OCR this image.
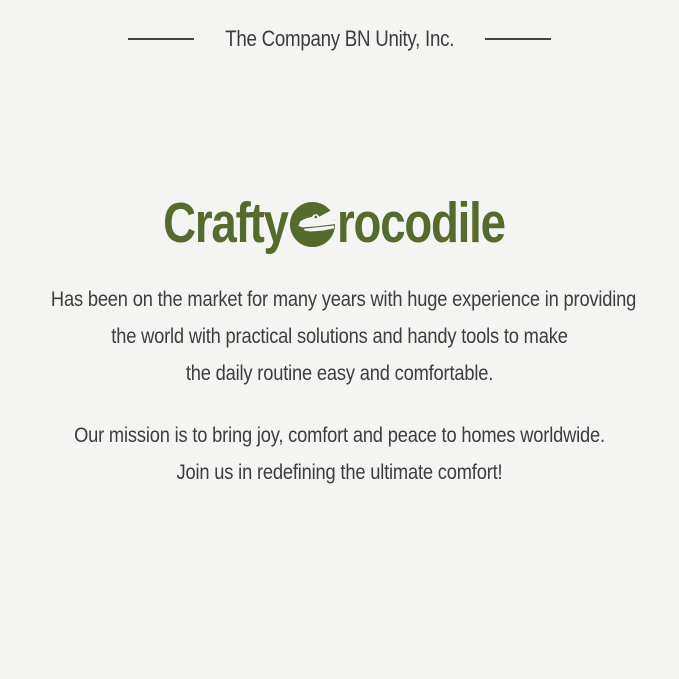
The Company BN Unity, Inc.
Crafty rocodile
Has been on the market for many years with huge experience in providing
the world with practical solutions and handy tools to make
the daily routine easy and comfortable.
Our mission is to bring joy, comfort and peace to homes worldwide.
Join us in redefining the ultimate comfort!
